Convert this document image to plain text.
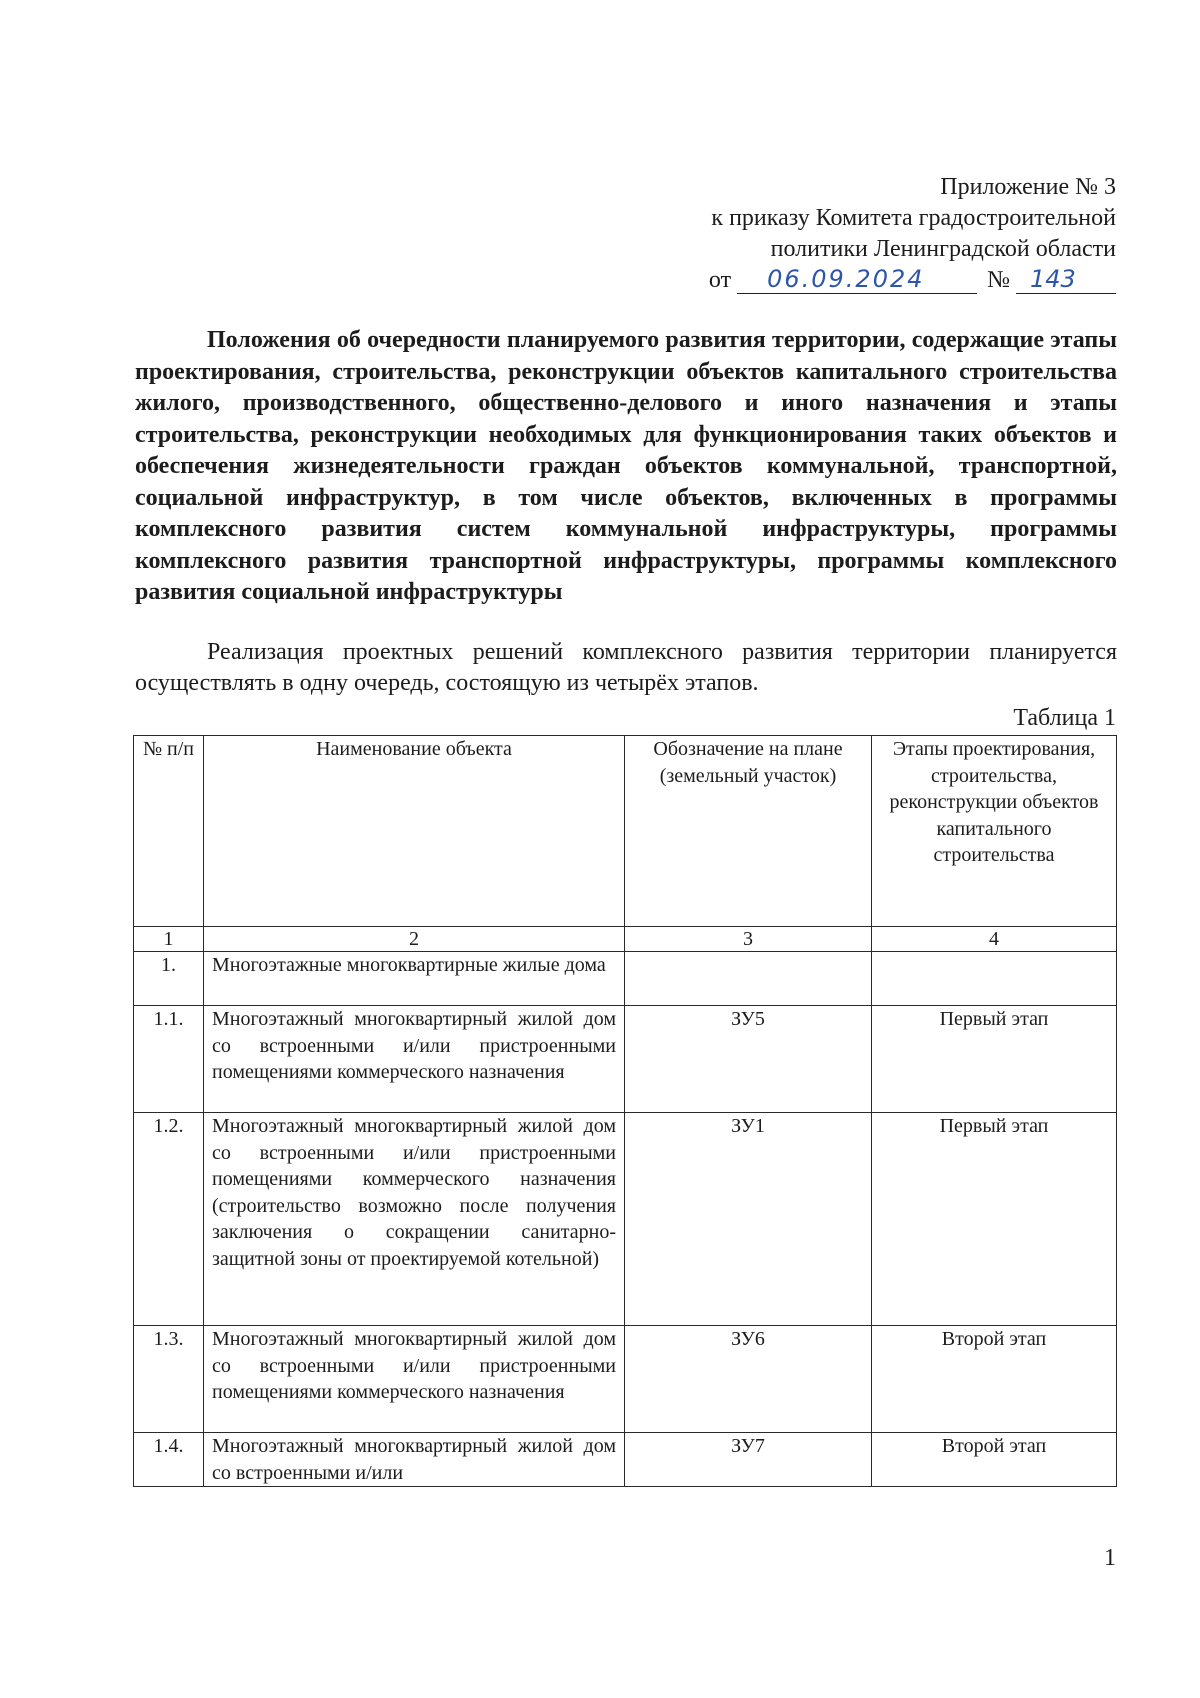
Приложение № 3
к приказу Комитета градостроительной
политики Ленинградской области
от 06.09.2024	№ 143
Положения об очередности планируемого развития территории, содержащие этапы проектирования, строительства, реконструкции объектов капитального строительства жилого, производственного, общественно-делового и иного назначения и этапы строительства, реконструкции необходимых для функционирования таких объектов и обеспечения жизнедеятельности граждан объектов коммунальной, транспортной, социальной инфраструктур, в том числе объектов, включенных в программы комплексного развития систем коммунальной инфраструктуры, программы комплексного развития транспортной инфраструктуры, программы комплексного развития социальной инфраструктуры
Реализация проектных решений комплексного развития территории планируется осуществлять в одну очередь, состоящую из четырёх этапов.
Таблица 1
№ п/п	Наименование объекта	Обозначение на плане (земельный участок)	Этапы проектирования, строительства, реконструкции объектов капитального строительства
1	2	3	4
1.	Многоэтажные многоквартирные жилые дома		
1.1.	Многоэтажный многоквартирный жилой дом со встроенными и/или пристроенными помещениями коммерческого назначения	ЗУ5	Первый этап
1.2.	Многоэтажный многоквартирный жилой дом со встроенными и/или пристроенными помещениями коммерческого назначения (строительство возможно после получения заключения о сокращении санитарно-защитной зоны от проектируемой котельной)	ЗУ1	Первый этап
1.3.	Многоэтажный многоквартирный жилой дом со встроенными и/или пристроенными помещениями коммерческого назначения	ЗУ6	Второй этап
1.4.	Многоэтажный многоквартирный жилой дом со встроенными и/или	ЗУ7	Второй этап
1
